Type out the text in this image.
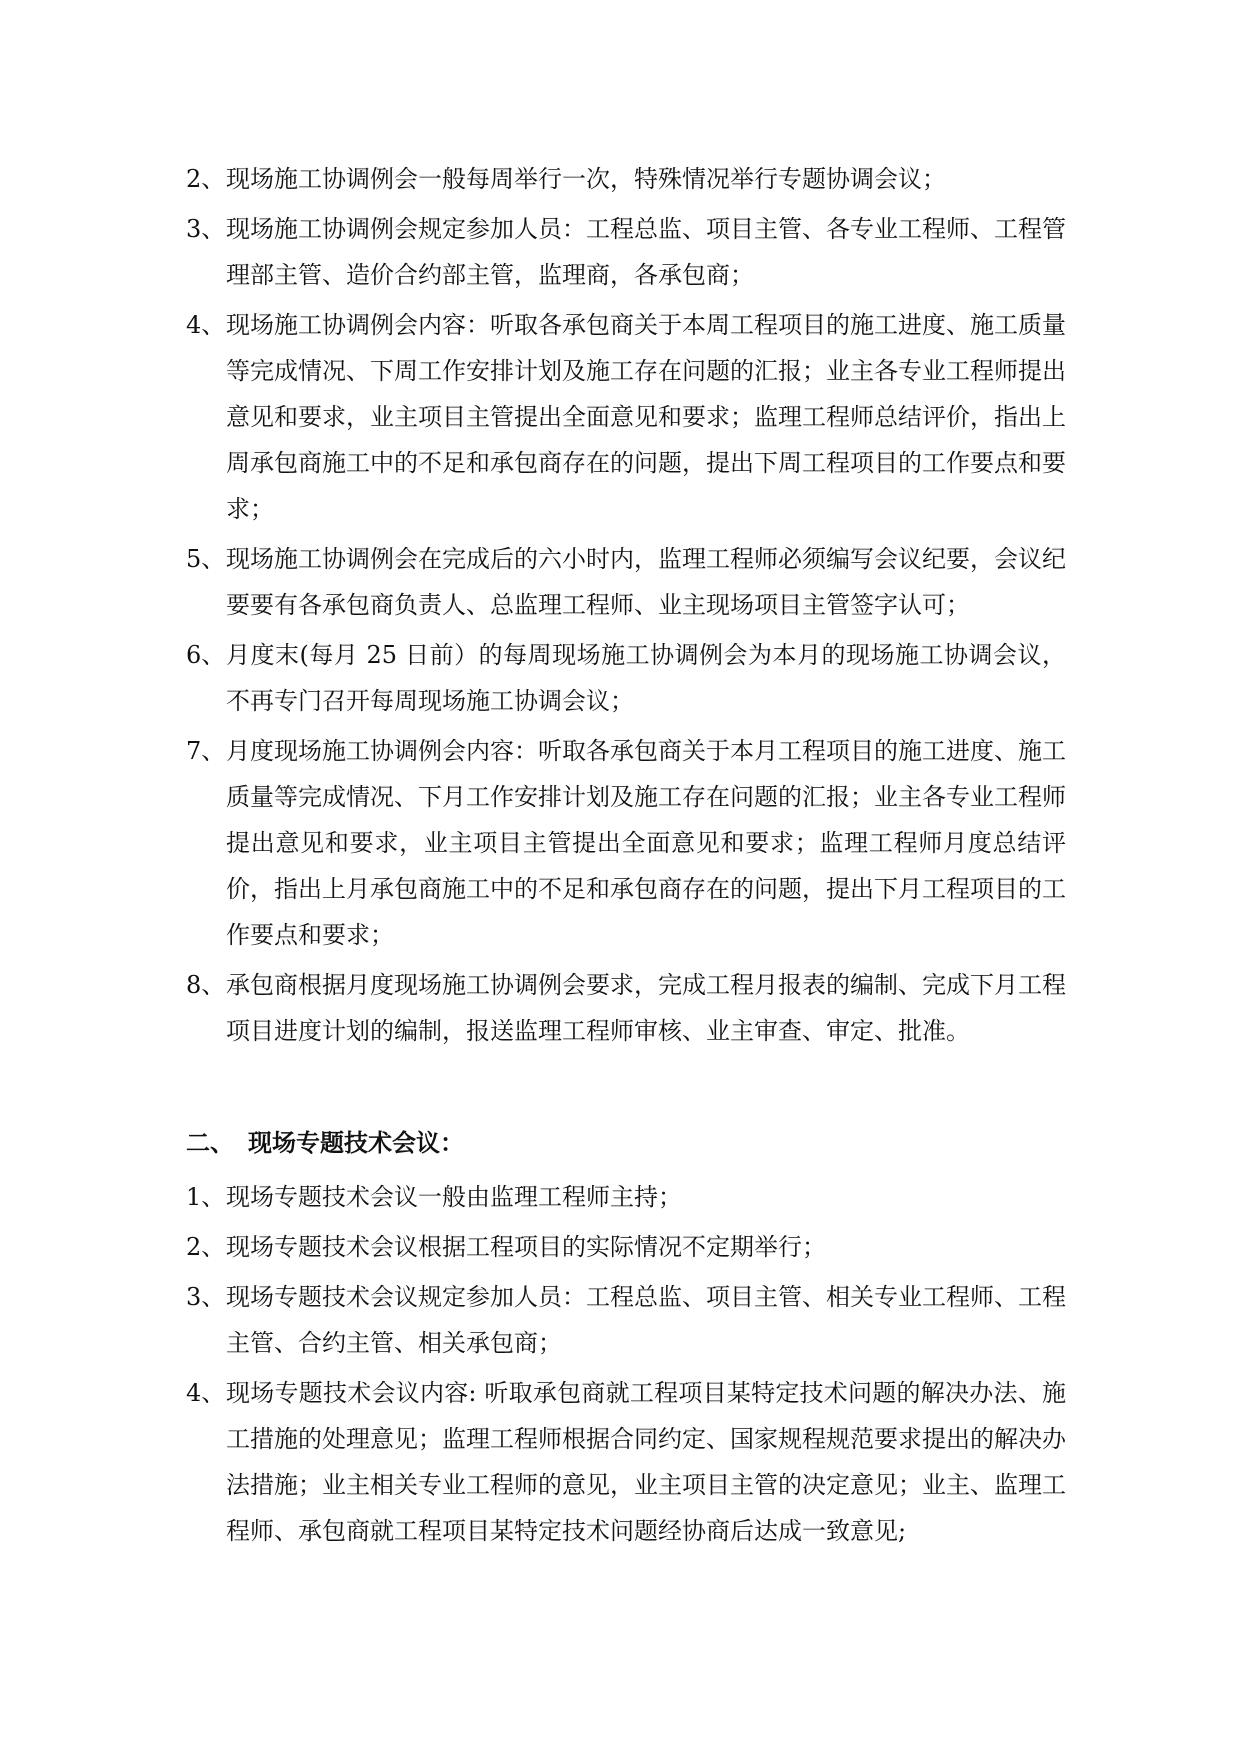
2、 现场施工协调例会一般每周举行一次，特殊情况举行专题协调会议；
3、 现场施工协调例会规定参加人员：工程总监、项目主管、各专业工程师、工程管理部主管、造价合约部主管，监理商，各承包商；
4、 现场施工协调例会内容：听取各承包商关于本周工程项目的施工进度、施工质量等完成情况、下周工作安排计划及施工存在问题的汇报；业主各专业工程师提出意见和要求，业主项目主管提出全面意见和要求；监理工程师总结评价，指出上周承包商施工中的不足和承包商存在的问题，提出下周工程项目的工作要点和要求；
5、 现场施工协调例会在完成后的六小时内，监理工程师必须编写会议纪要，会议纪要要有各承包商负责人、总监理工程师、业主现场项目主管签字认可；
6、 月度末(每月 25 日前）的每周现场施工协调例会为本月的现场施工协调会议，不再专门召开每周现场施工协调会议；
7、 月度现场施工协调例会内容：听取各承包商关于本月工程项目的施工进度、施工质量等完成情况、下月工作安排计划及施工存在问题的汇报；业主各专业工程师提出意见和要求，业主项目主管提出全面意见和要求；监理工程师月度总结评价，指出上月承包商施工中的不足和承包商存在的问题，提出下月工程项目的工作要点和要求；
8、 承包商根据月度现场施工协调例会要求，完成工程月报表的编制、完成下月工程项目进度计划的编制，报送监理工程师审核、业主审查、审定、批准。
二、 现场专题技术会议：
1、 现场专题技术会议一般由监理工程师主持；
2、 现场专题技术会议根据工程项目的实际情况不定期举行；
3、 现场专题技术会议规定参加人员：工程总监、项目主管、相关专业工程师、工程主管、合约主管、相关承包商；
4、 现场专题技术会议内容: 听取承包商就工程项目某特定技术问题的解决办法、施工措施的处理意见；监理工程师根据合同约定、国家规程规范要求提出的解决办法措施；业主相关专业工程师的意见，业主项目主管的决定意见；业主、监理工程师、承包商就工程项目某特定技术问题经协商后达成一致意见;
